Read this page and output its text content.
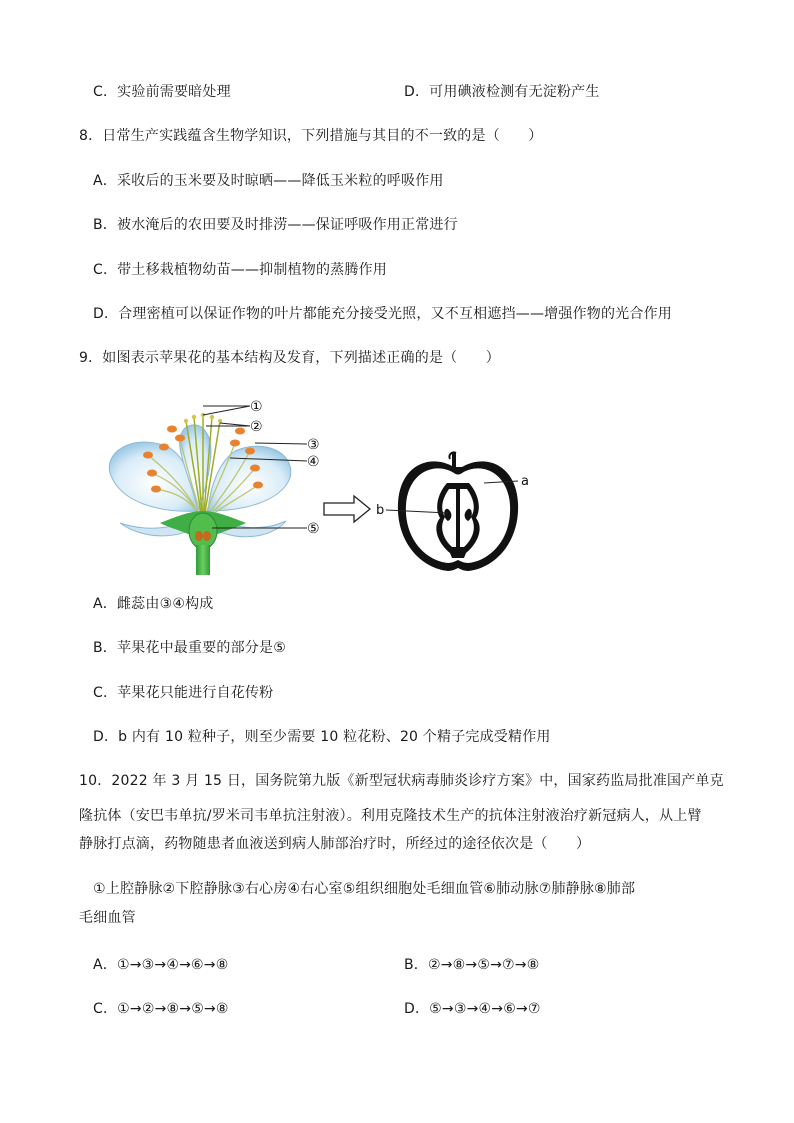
C．实验前需要暗处理	D．可用碘液检测有无淀粉产生
8．日常生产实践蕴含生物学知识，下列措施与其目的不一致的是（　　）
A．采收后的玉米要及时晾晒——降低玉米粒的呼吸作用
B．被水淹后的农田要及时排涝——保证呼吸作用正常进行
C．带土移栽植物幼苗——抑制植物的蒸腾作用
D．合理密植可以保证作物的叶片都能充分接受光照，又不互相遮挡——增强作物的光合作用
9．如图表示苹果花的基本结构及发育，下列描述正确的是（　　）
①
②
③
④
⑤
a
b
A．雌蕊由③④构成
B．苹果花中最重要的部分是⑤
C．苹果花只能进行自花传粉
D．b 内有 10 粒种子，则至少需要 10 粒花粉、20 个精子完成受精作用
10．2022 年 3 月 15 日，国务院第九版《新型冠状病毒肺炎诊疗方案》中，国家药监局批准国产单克
隆抗体（安巴韦单抗/罗米司韦单抗注射液）。利用克隆技术生产的抗体注射液治疗新冠病人，从上臂
静脉打点滴，药物随患者血液送到病人肺部治疗时，所经过的途径依次是（　　）
①上腔静脉②下腔静脉③右心房④右心室⑤组织细胞处毛细血管⑥肺动脉⑦肺静脉⑧肺部
毛细血管
A．①→③→④→⑥→⑧	B．②→⑧→⑤→⑦→⑧
C．①→②→⑧→⑤→⑧	D．⑤→③→④→⑥→⑦
